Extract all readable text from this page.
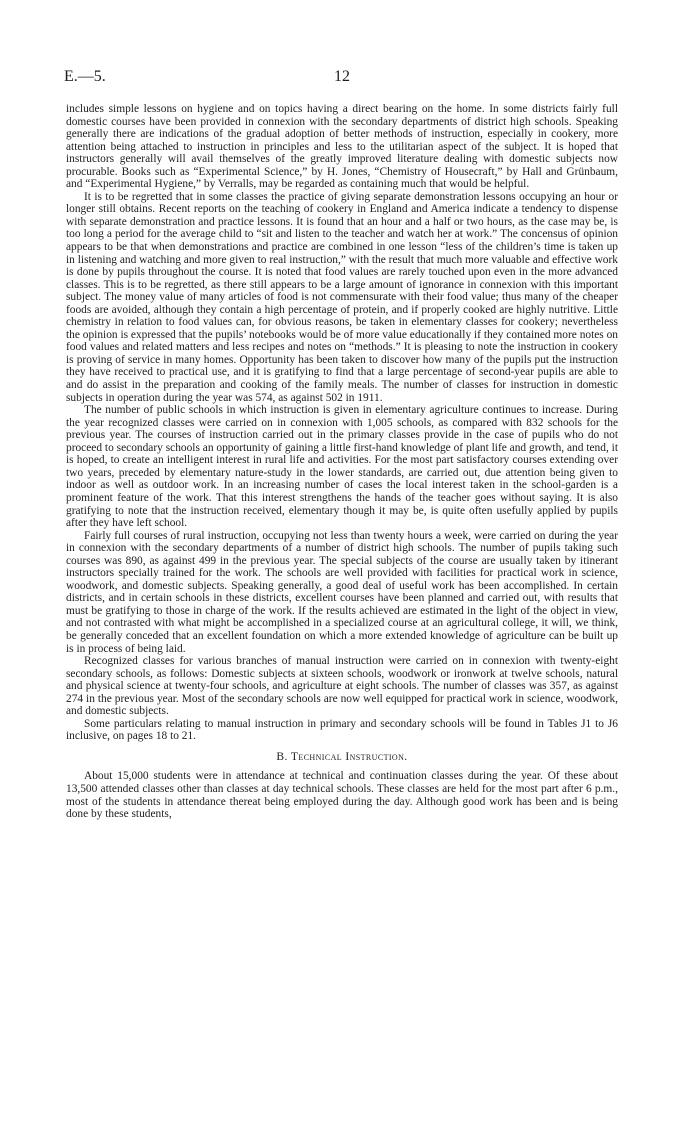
E.—5.	12

includes simple lessons on hygiene and on topics having a direct bearing on the home. In some districts fairly full domestic courses have been provided in connexion with the secondary departments of district high schools. Speaking generally there are indications of the gradual adoption of better methods of instruction, especially in cookery, more attention being attached to instruction in principles and less to the utilitarian aspect of the subject. It is hoped that instructors generally will avail themselves of the greatly improved literature dealing with domestic subjects now procurable. Books such as “Experimental Science,” by H. Jones, “Chemistry of Housecraft,” by Hall and Grünbaum, and “Experimental Hygiene,” by Verralls, may be regarded as containing much that would be helpful.

It is to be regretted that in some classes the practice of giving separate demonstration lessons occupying an hour or longer still obtains. Recent reports on the teaching of cookery in England and America indicate a tendency to dispense with separate demonstration and practice lessons. It is found that an hour and a half or two hours, as the case may be, is too long a period for the average child to “sit and listen to the teacher and watch her at work.” The concensus of opinion appears to be that when demonstrations and practice are combined in one lesson “less of the children’s time is taken up in listening and watching and more given to real instruction,” with the result that much more valuable and effective work is done by pupils throughout the course. It is noted that food values are rarely touched upon even in the more advanced classes. This is to be regretted, as there still appears to be a large amount of ignorance in connexion with this important subject. The money value of many articles of food is not commensurate with their food value; thus many of the cheaper foods are avoided, although they contain a high percentage of protein, and if properly cooked are highly nutritive. Little chemistry in relation to food values can, for obvious reasons, be taken in elementary classes for cookery; nevertheless the opinion is expressed that the pupils’ notebooks would be of more value educationally if they contained more notes on food values and related matters and less recipes and notes on “methods.” It is pleasing to note the instruction in cookery is proving of service in many homes. Opportunity has been taken to discover how many of the pupils put the instruction they have received to practical use, and it is gratifying to find that a large percentage of second-year pupils are able to and do assist in the preparation and cooking of the family meals. The number of classes for instruction in domestic subjects in operation during the year was 574, as against 502 in 1911.

The number of public schools in which instruction is given in elementary agriculture continues to increase. During the year recognized classes were carried on in connexion with 1,005 schools, as compared with 832 schools for the previous year. The courses of instruction carried out in the primary classes provide in the case of pupils who do not proceed to secondary schools an opportunity of gaining a little first-hand knowledge of plant life and growth, and tend, it is hoped, to create an intelligent interest in rural life and activities. For the most part satisfactory courses extending over two years, preceded by elementary nature-study in the lower standards, are carried out, due attention being given to indoor as well as outdoor work. In an increasing number of cases the local interest taken in the school-garden is a prominent feature of the work. That this interest strengthens the hands of the teacher goes without saying. It is also gratifying to note that the instruction received, elementary though it may be, is quite often usefully applied by pupils after they have left school.

Fairly full courses of rural instruction, occupying not less than twenty hours a week, were carried on during the year in connexion with the secondary departments of a number of district high schools. The number of pupils taking such courses was 890, as against 499 in the previous year. The special subjects of the course are usually taken by itinerant instructors specially trained for the work. The schools are well provided with facilities for practical work in science, woodwork, and domestic subjects. Speaking generally, a good deal of useful work has been accomplished. In certain districts, and in certain schools in these districts, excellent courses have been planned and carried out, with results that must be gratifying to those in charge of the work. If the results achieved are estimated in the light of the object in view, and not contrasted with what might be accomplished in a specialized course at an agricultural college, it will, we think, be generally conceded that an excellent foundation on which a more extended knowledge of agriculture can be built up is in process of being laid.

Recognized classes for various branches of manual instruction were carried on in connexion with twenty-eight secondary schools, as follows: Domestic subjects at sixteen schools, woodwork or ironwork at twelve schools, natural and physical science at twenty-four schools, and agriculture at eight schools. The number of classes was 357, as against 274 in the previous year. Most of the secondary schools are now well equipped for practical work in science, woodwork, and domestic subjects.

Some particulars relating to manual instruction in primary and secondary schools will be found in Tables J1 to J6 inclusive, on pages 18 to 21.

B. Technical Instruction.

About 15,000 students were in attendance at technical and continuation classes during the year. Of these about 13,500 attended classes other than classes at day technical schools. These classes are held for the most part after 6 p.m., most of the students in attendance thereat being employed during the day. Although good work has been and is being done by these students,
